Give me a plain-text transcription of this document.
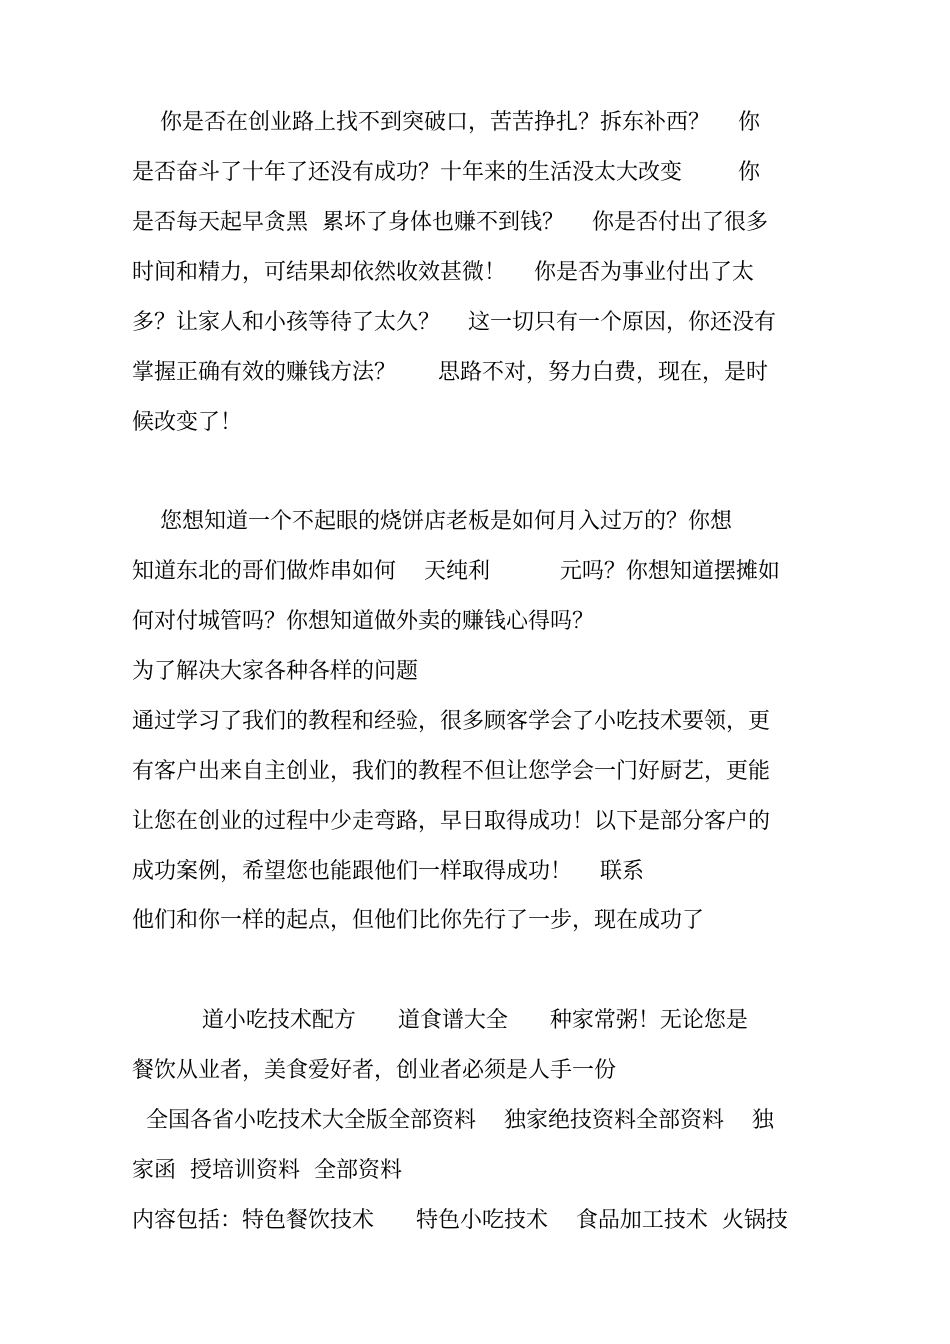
你是否在创业路上找不到突破口，苦苦挣扎？拆东补西？    你
是否奋斗了十年了还没有成功？十年来的生活没太大改变        你
是否每天起早贪黑  累坏了身体也赚不到钱？    你是否付出了很多
时间和精力，可结果却依然收效甚微！    你是否为事业付出了太
多？让家人和小孩等待了太久？    这一切只有一个原因，你还没有
掌握正确有效的赚钱方法？      思路不对，努力白费，现在，是时
候改变了！
您想知道一个不起眼的烧饼店老板是如何月入过万的？你想
知道东北的哥们做炸串如何    天纯利          元吗？你想知道摆摊如
何对付城管吗？你想知道做外卖的赚钱心得吗？
为了解决大家各种各样的问题
通过学习了我们的教程和经验，很多顾客学会了小吃技术要领，更
有客户出来自主创业，我们的教程不但让您学会一门好厨艺，更能
让您在创业的过程中少走弯路，早日取得成功！以下是部分客户的
成功案例，希望您也能跟他们一样取得成功！    联系
他们和你一样的起点，但他们比你先行了一步，现在成功了
道小吃技术配方      道食谱大全      种家常粥！无论您是
餐饮从业者，美食爱好者，创业者必须是人手一份
全国各省小吃技术大全版全部资料    独家绝技资料全部资料    独
家函  授培训资料  全部资料
内容包括：特色餐饮技术      特色小吃技术    食品加工技术  火锅技
